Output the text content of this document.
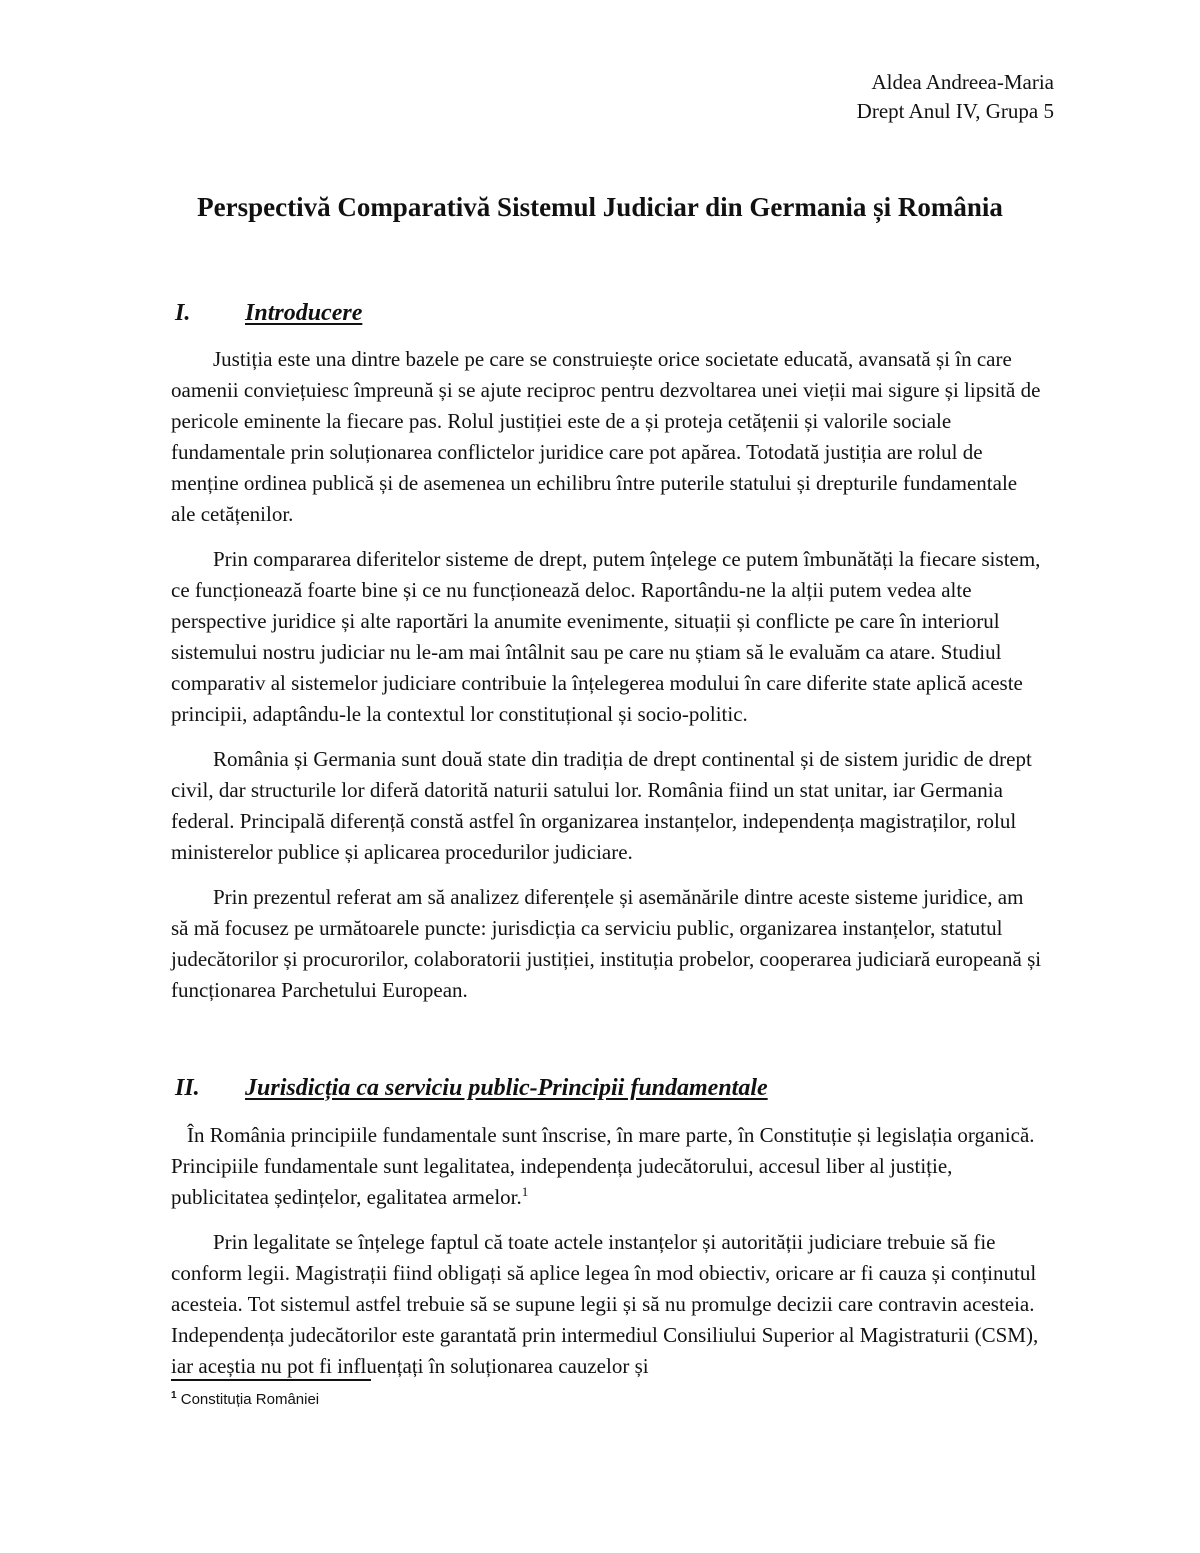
Aldea Andreea-Maria
Drept Anul IV, Grupa 5
Perspectivă Comparativă Sistemul Judiciar din Germania și România
I. Introducere

Justiția este una dintre bazele pe care se construiește orice societate educată, avansată și în care oamenii conviețuiesc împreună și se ajute reciproc pentru dezvoltarea unei vieții mai sigure și lipsită de pericole eminente la fiecare pas. Rolul justiției este de a și proteja cetățenii și valorile sociale fundamentale prin soluționarea conflictelor juridice care pot apărea. Totodată justiția are rolul de menține ordinea publică și de asemenea un echilibru între puterile statului și drepturile fundamentale ale cetățenilor.

Prin compararea diferitelor sisteme de drept, putem înțelege ce putem îmbunătăți la fiecare sistem, ce funcționează foarte bine și ce nu funcționează deloc. Raportându-ne la alții putem vedea alte perspective juridice și alte raportări la anumite evenimente, situații și conflicte pe care în interiorul sistemului nostru judiciar nu le-am mai întâlnit sau pe care nu știam să le evaluăm ca atare. Studiul comparativ al sistemelor judiciare contribuie la înțelegerea modului în care diferite state aplică aceste principii, adaptându-le la contextul lor constituțional și socio-politic.

România și Germania sunt două state din tradiția de drept continental și de sistem juridic de drept civil, dar structurile lor diferă datorită naturii satului lor. România fiind un stat unitar, iar Germania federal. Principală diferență constă astfel în organizarea instanțelor, independența magistraților, rolul ministerelor publice și aplicarea procedurilor judiciare.

Prin prezentul referat am să analizez diferențele și asemănările dintre aceste sisteme juridice, am să mă focusez pe următoarele puncte: jurisdicția ca serviciu public, organizarea instanțelor, statutul judecătorilor și procurorilor, colaboratorii justiției, instituția probelor, cooperarea judiciară europeană și funcționarea Parchetului European.

II. Jurisdicția ca serviciu public-Principii fundamentale

În România principiile fundamentale sunt înscrise, în mare parte, în Constituție și legislația organică. Principiile fundamentale sunt legalitatea, independența judecătorului, accesul liber al justiție, publicitatea ședințelor, egalitatea armelor.$^1$

Prin legalitate se înțelege faptul că toate actele instanțelor și autorității judiciare trebuie să fie conform legii. Magistrații fiind obligați să aplice legea în mod obiectiv, oricare ar fi cauza și conținutul acesteia. Tot sistemul astfel trebuie să se supune legii și să nu promulge decizii care contravin acesteia. Independența judecătorilor este garantată prin intermediul Consiliului Superior al Magistraturii (CSM), iar aceștia nu pot fi influențați în soluționarea cauzelor și

$^1$ Constituția României
